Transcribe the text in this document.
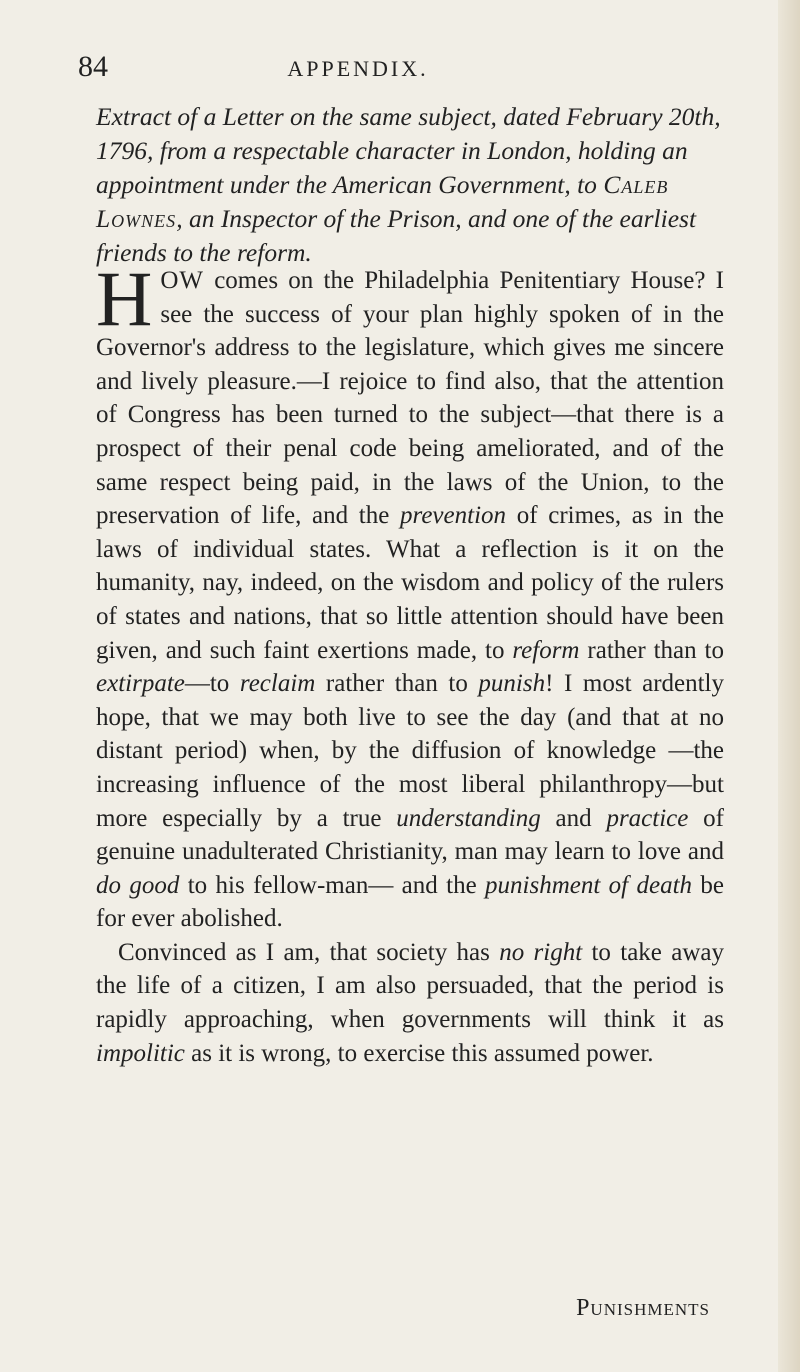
84	APPENDIX.
Extract of a Letter on the same subject, dated February 20th, 1796, from a respectable character in London, holding an appointment under the American Government, to Caleb Lownes, an Inspector of the Prison, and one of the earliest friends to the reform.

HOW comes on the Philadelphia Penitentiary House? I see the success of your plan highly spoken of in the Governor's address to the legislature, which gives me sincere and lively pleasure.—I rejoice to find also, that the attention of Congress has been turned to the subject—that there is a prospect of their penal code being ameliorated, and of the same respect being paid, in the laws of the Union, to the preservation of life, and the prevention of crimes, as in the laws of individual states. What a reflection is it on the humanity, nay, indeed, on the wisdom and policy of the rulers of states and nations, that so little attention should have been given, and such faint exertions made, to reform rather than to extirpate—to reclaim rather than to punish! I most ardently hope, that we may both live to see the day (and that at no distant period) when, by the diffusion of knowledge —the increasing influence of the most liberal philanthropy—but more especially by a true understanding and practice of genuine unadulterated Christianity, man may learn to love and do good to his fellow-man— and the punishment of death be for ever abolished.

Convinced as I am, that society has no right to take away the life of a citizen, I am also persuaded, that the period is rapidly approaching, when governments will think it as impolitic as it is wrong, to exercise this assumed power.

Punishments
